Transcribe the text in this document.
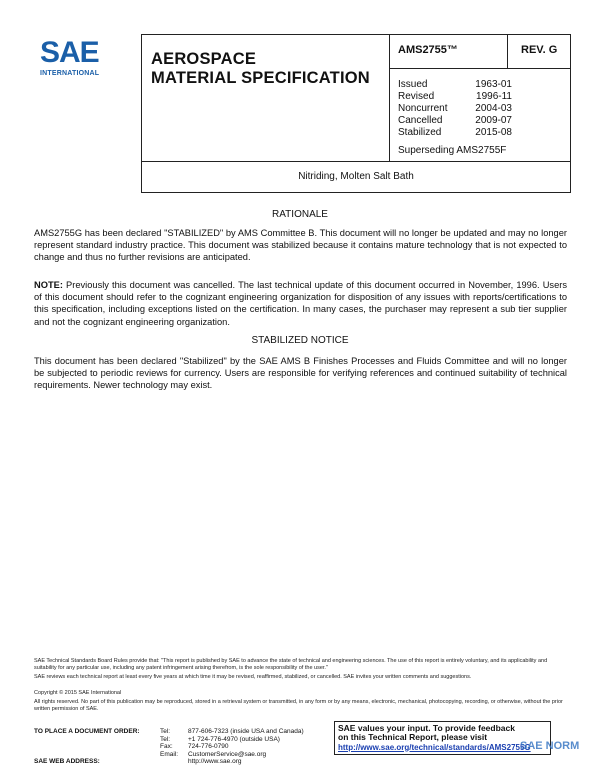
SAE
INTERNATIONAL
AEROSPACE
MATERIAL SPECIFICATION
AMS2755™	REV. G
Issued	1963-01
Revised	1996-11
Noncurrent	2004-03
Cancelled	2009-07
Stabilized	2015-08
Superseding AMS2755F
Nitriding, Molten Salt Bath
RATIONALE
AMS2755G has been declared "STABILIZED" by AMS Committee B. This document will no longer be updated and may no longer represent standard industry practice. This document was stabilized because it contains mature technology that is not expected to change and thus no further revisions are anticipated.
NOTE: Previously this document was cancelled. The last technical update of this document occurred in November, 1996. Users of this document should refer to the cognizant engineering organization for disposition of any issues with reports/certifications to this specification, including exceptions listed on the certification. In many cases, the purchaser may represent a sub tier supplier and not the cognizant engineering organization.
STABILIZED NOTICE
This document has been declared "Stabilized" by the SAE AMS B Finishes Processes and Fluids Committee and will no longer be subjected to periodic reviews for currency. Users are responsible for verifying references and continued suitability of technical requirements. Newer technology may exist.
SAE Technical Standards Board Rules provide that: "This report is published by SAE to advance the state of technical and engineering sciences. The use of this report is entirely voluntary, and its applicability and suitability for any particular use, including any patent infringement arising therefrom, is the sole responsibility of the user."
SAE reviews each technical report at least every five years at which time it may be revised, reaffirmed, stabilized, or cancelled. SAE invites your written comments and suggestions.
Copyright © 2015 SAE International
All rights reserved. No part of this publication may be reproduced, stored in a retrieval system or transmitted, in any form or by any means, electronic, mechanical, photocopying, recording, or otherwise, without the prior written permission of SAE.
TO PLACE A DOCUMENT ORDER:
SAE WEB ADDRESS:
Tel:	877-606-7323 (inside USA and Canada)
Tel:	+1 724-776-4970 (outside USA)
Fax:	724-776-0790
Email:	CustomerService@sae.org
http://www.sae.org
SAE values your input. To provide feedback
on this Technical Report, please visit
http://www.sae.org/technical/standards/AMS2755G
SAE NORM
